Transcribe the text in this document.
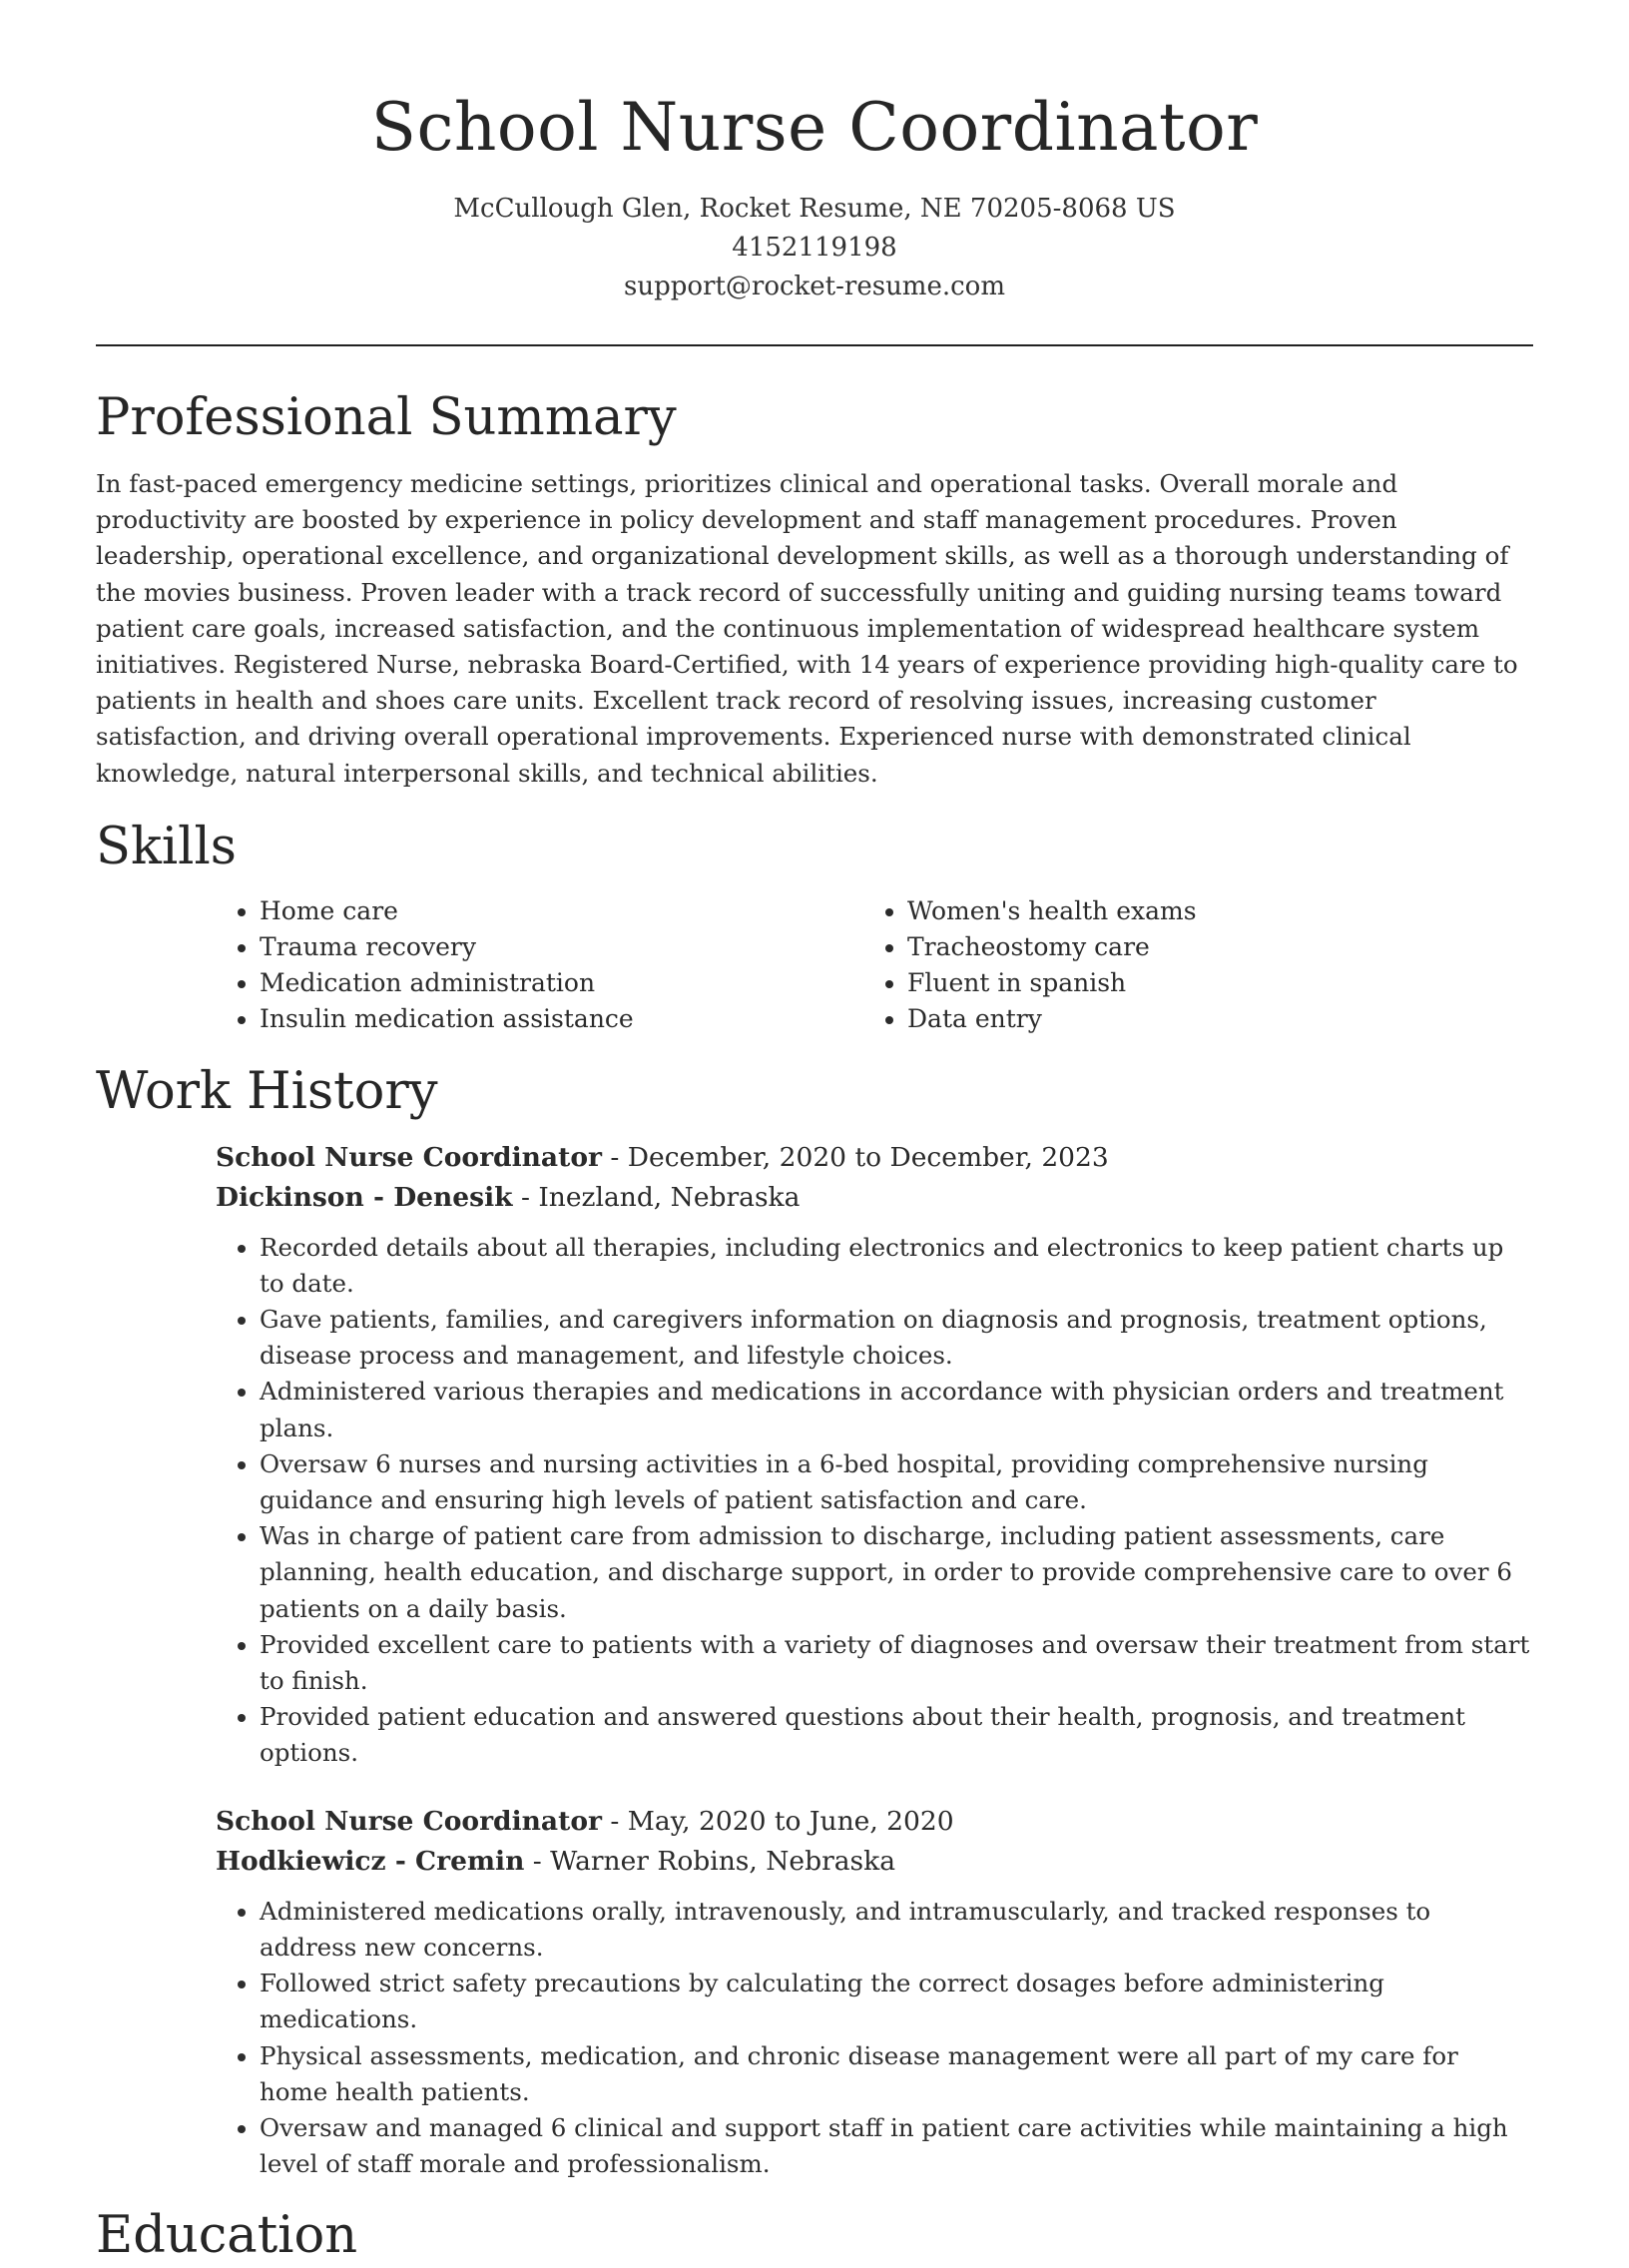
School Nurse Coordinator
McCullough Glen, Rocket Resume, NE 70205-8068 US
4152119198
support@rocket-resume.com
Professional Summary

In fast-paced emergency medicine settings, prioritizes clinical and operational tasks. Overall morale and productivity are boosted by experience in policy development and staff management procedures. Proven leadership, operational excellence, and organizational development skills, as well as a thorough understanding of the movies business. Proven leader with a track record of successfully uniting and guiding nursing teams toward patient care goals, increased satisfaction, and the continuous implementation of widespread healthcare system initiatives. Registered Nurse, nebraska Board-Certified, with 14 years of experience providing high-quality care to patients in health and shoes care units. Excellent track record of resolving issues, increasing customer satisfaction, and driving overall operational improvements. Experienced nurse with demonstrated clinical knowledge, natural interpersonal skills, and technical abilities.

Skills
• Home care
• Trauma recovery
• Medication administration
• Insulin medication assistance
• Women's health exams
• Tracheostomy care
• Fluent in spanish
• Data entry
Work History

School Nurse Coordinator - December, 2020 to December, 2023

Dickinson - Denesik - Inezland, Nebraska

• Recorded details about all therapies, including electronics and electronics to keep patient charts up to date.
• Gave patients, families, and caregivers information on diagnosis and prognosis, treatment options, disease process and management, and lifestyle choices.
• Administered various therapies and medications in accordance with physician orders and treatment plans.
• Oversaw 6 nurses and nursing activities in a 6-bed hospital, providing comprehensive nursing guidance and ensuring high levels of patient satisfaction and care.
• Was in charge of patient care from admission to discharge, including patient assessments, care planning, health education, and discharge support, in order to provide comprehensive care to over 6 patients on a daily basis.
• Provided excellent care to patients with a variety of diagnoses and oversaw their treatment from start to finish.
• Provided patient education and answered questions about their health, prognosis, and treatment options.

School Nurse Coordinator - May, 2020 to June, 2020

Hodkiewicz - Cremin - Warner Robins, Nebraska

• Administered medications orally, intravenously, and intramuscularly, and tracked responses to address new concerns.
• Followed strict safety precautions by calculating the correct dosages before administering medications.
• Physical assessments, medication, and chronic disease management were all part of my care for home health patients.
• Oversaw and managed 6 clinical and support staff in patient care activities while maintaining a high level of staff morale and professionalism.
Education
